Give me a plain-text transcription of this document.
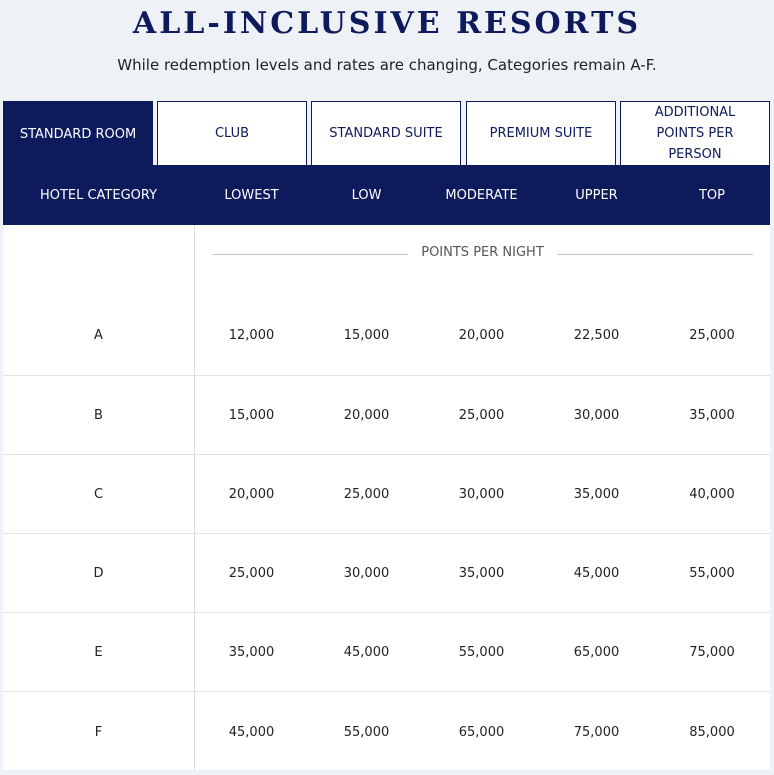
ALL-INCLUSIVE RESORTS
While redemption levels and rates are changing, Categories remain A-F.
STANDARD ROOM	CLUB	STANDARD SUITE	PREMIUM SUITE
ADDITIONAL POINTS PER PERSON
HOTEL CATEGORY	LOWEST	LOW	MODERATE	UPPER	TOP
POINTS PER NIGHT
A	12,000	15,000	20,000	22,500	25,000
B	15,000	20,000	25,000	30,000	35,000
C	20,000	25,000	30,000	35,000	40,000
D	25,000	30,000	35,000	45,000	55,000
E	35,000	45,000	55,000	65,000	75,000
F	45,000	55,000	65,000	75,000	85,000
